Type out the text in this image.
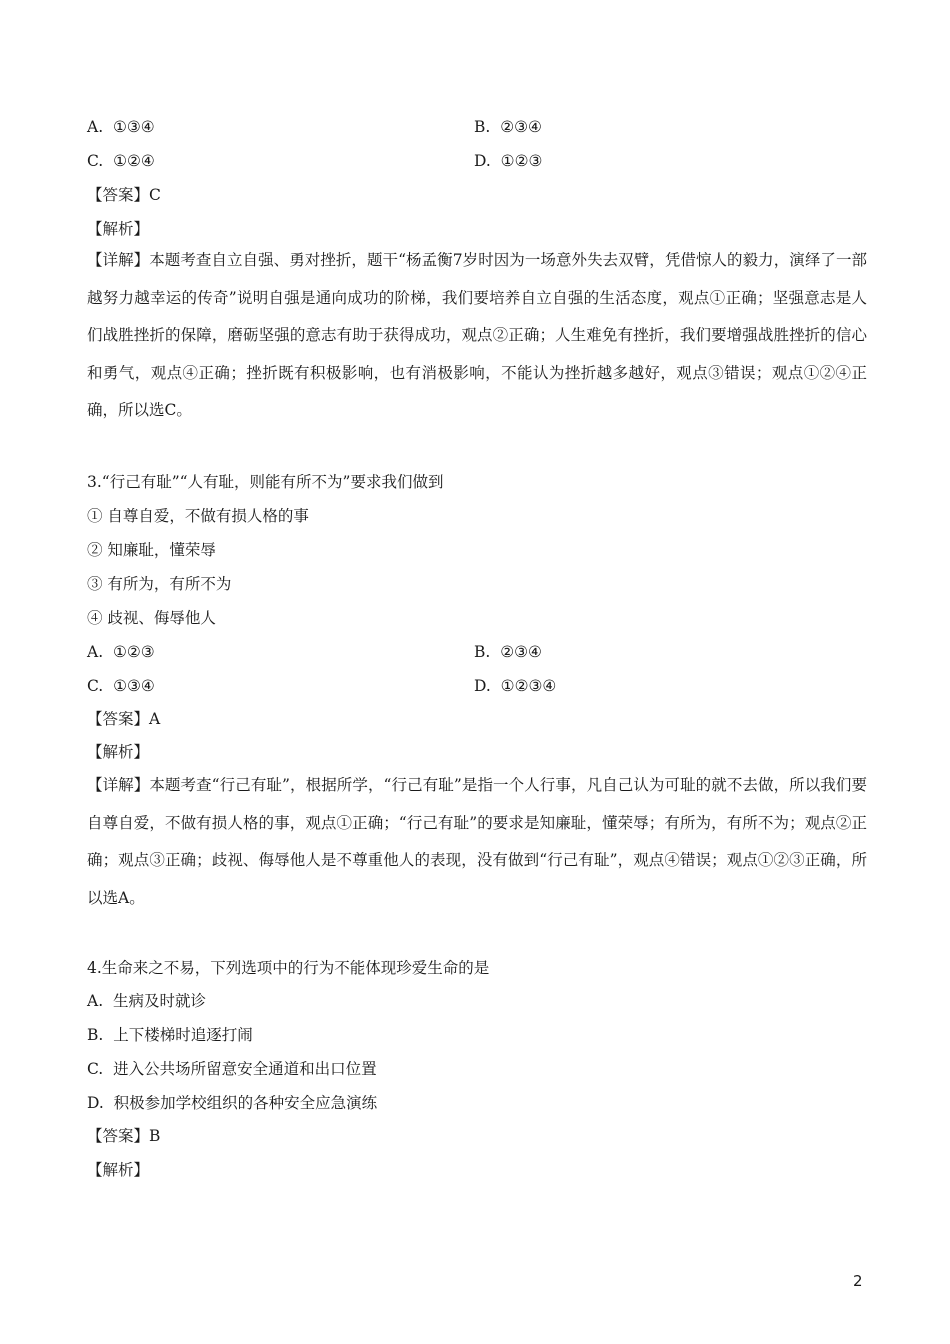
A. ①③④	B. ②③④
C. ①②④	D. ①②③
【答案】C
【解析】
【详解】本题考查自立自强、勇对挫折，题干“杨孟衡7岁时因为一场意外失去双臂，凭借惊人的毅力，演绎了一部越努力越幸运的传奇”说明自强是通向成功的阶梯，我们要培养自立自强的生活态度，观点①正确；坚强意志是人们战胜挫折的保障，磨砺坚强的意志有助于获得成功，观点②正确；人生难免有挫折，我们要增强战胜挫折的信心和勇气，观点④正确；挫折既有积极影响，也有消极影响，不能认为挫折越多越好，观点③错误；观点①②④正确，所以选C。
3.“行己有耻”“人有耻，则能有所不为”要求我们做到
① 自尊自爱，不做有损人格的事
② 知廉耻，懂荣辱
③ 有所为，有所不为
④ 歧视、侮辱他人
A. ①②③	B. ②③④
C. ①③④	D. ①②③④
【答案】A
【解析】
【详解】本题考查“行己有耻”，根据所学，“行己有耻”是指一个人行事，凡自己认为可耻的就不去做，所以我们要自尊自爱，不做有损人格的事，观点①正确；“行己有耻”的要求是知廉耻，懂荣辱；有所为，有所不为；观点②正确；观点③正确；歧视、侮辱他人是不尊重他人的表现，没有做到“行己有耻”，观点④错误；观点①②③正确，所以选A。
4.生命来之不易，下列选项中的行为不能体现珍爱生命的是
A. 生病及时就诊
B. 上下楼梯时追逐打闹
C. 进入公共场所留意安全通道和出口位置
D. 积极参加学校组织的各种安全应急演练
【答案】B
【解析】
2
